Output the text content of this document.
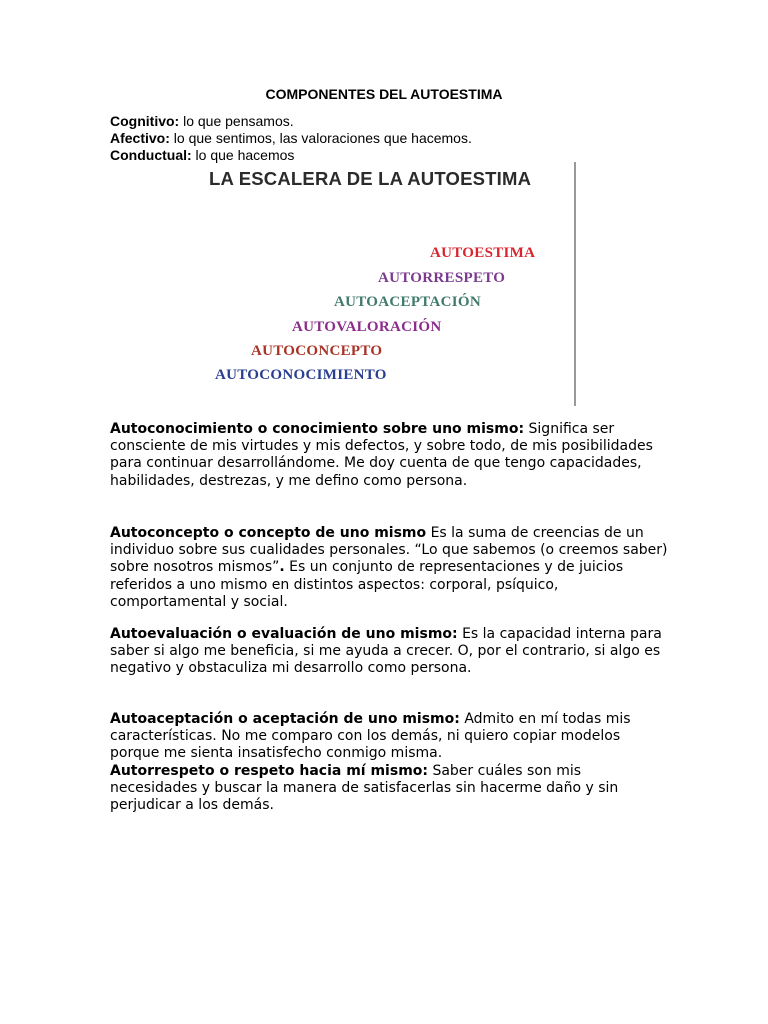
COMPONENTES DEL AUTOESTIMA
Cognitivo: lo que pensamos.
Afectivo: lo que sentimos, las valoraciones que hacemos.
Conductual: lo que hacemos
LA ESCALERA DE LA AUTOESTIMA
AUTOESTIMA
AUTORRESPETO
AUTOACEPTACIÓN
AUTOVALORACIÓN
AUTOCONCEPTO
AUTOCONOCIMIENTO
Autoconocimiento o conocimiento sobre uno mismo: Significa ser consciente de mis virtudes y mis defectos, y sobre todo, de mis posibilidades para continuar desarrollándome. Me doy cuenta de que tengo capacidades, habilidades, destrezas, y me defino como persona.
Autoconcepto o concepto de uno mismo Es la suma de creencias de un individuo sobre sus cualidades personales. “Lo que sabemos (o creemos saber) sobre nosotros mismos”. Es un conjunto de representaciones y de juicios referidos a uno mismo en distintos aspectos: corporal, psíquico, comportamental y social.
Autoevaluación o evaluación de uno mismo: Es la capacidad interna para saber si algo me beneficia, si me ayuda a crecer. O, por el contrario, si algo es negativo y obstaculiza mi desarrollo como persona.
Autoaceptación o aceptación de uno mismo: Admito en mí todas mis características. No me comparo con los demás, ni quiero copiar modelos porque me sienta insatisfecho conmigo misma.
Autorrespeto o respeto hacia mí mismo: Saber cuáles son mis necesidades y buscar la manera de satisfacerlas sin hacerme daño y sin perjudicar a los demás.
